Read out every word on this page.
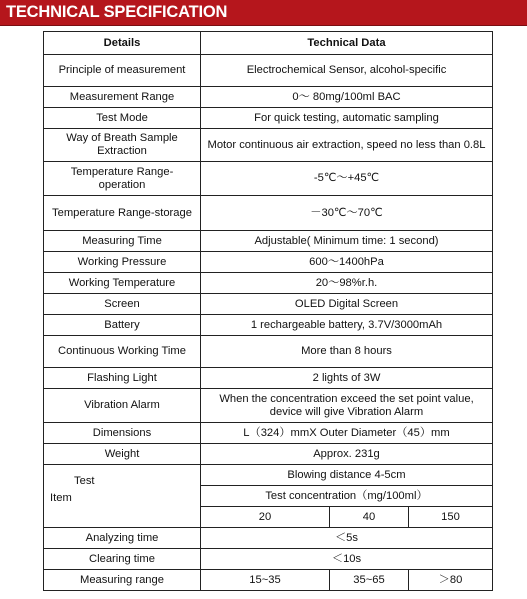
TECHNICAL SPECIFICATION
Details	Technical Data		
Principle of measurement	Electrochemical Sensor, alcohol-specific		
Measurement Range	0～ 80mg/100ml BAC		
Test Mode	For quick testing, automatic sampling		
Way of Breath Sample Extraction	Motor continuous air extraction, speed no less than 0.8L		
Temperature Range-operation	-5℃～+45℃		
Temperature Range-storage	－30℃～70℃		
Measuring Time	Adjustable( Minimum time: 1 second)		
Working Pressure	600～1400hPa		
Working Temperature	20～98%r.h.		
Screen	OLED Digital Screen		
Battery	1 rechargeable battery, 3.7V/3000mAh		
Continuous Working Time	More than 8 hours		
Flashing Light	2 lights of 3W		
Vibration Alarm	When the concentration exceed the set point value, device will give Vibration Alarm		
Dimensions	L（324）mmX Outer Diameter（45）mm		
Weight	Approx. 231g		

Test
Item	Blowing distance 4-5cm		
	Test concentration（mg/100ml）		
	20	40	150
Analyzing time	＜5s		
Clearing time	＜10s		
Measuring range	15~35	35~65	＞80
